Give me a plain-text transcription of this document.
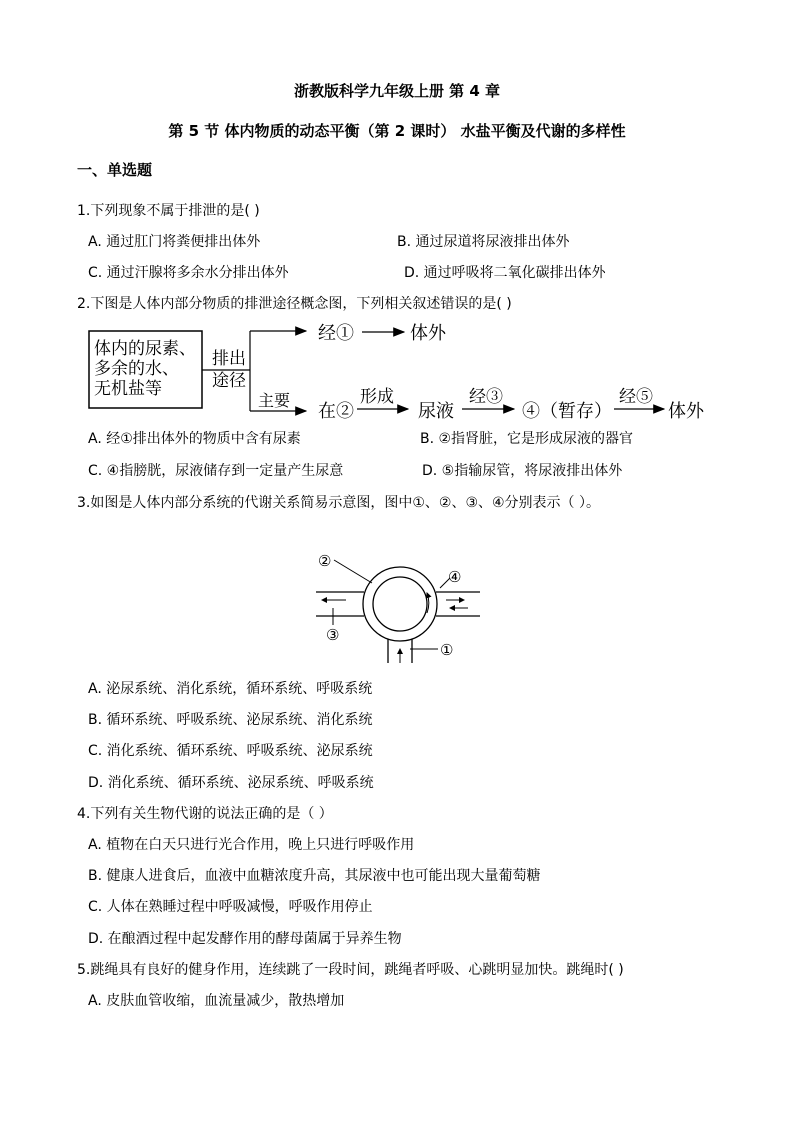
浙教版科学九年级上册 第 4 章
第 5 节 体内物质的动态平衡（第 2 课时） 水盐平衡及代谢的多样性
一、单选题
1.下列现象不属于排泄的是( )
A. 通过肛门将粪便排出体外	B. 通过尿道将尿液排出体外
C. 通过汗腺将多余水分排出体外	D. 通过呼吸将二氧化碳排出体外
2.下图是人体内部分物质的排泄途径概念图，下列相关叙述错误的是( )
体内的尿素、
多余的水、
无机盐等
排出
途径
主要
经①	体外
在②
形成
尿液
经③
④（暂存）
经⑤
体外
A. 经①排出体外的物质中含有尿素	B. ②指肾脏，它是形成尿液的器官
C. ④指膀胱，尿液储存到一定量产生尿意	D. ⑤指输尿管，将尿液排出体外
3.如图是人体内部分系统的代谢关系简易示意图，图中①、②、③、④分别表示（ ）。
②
④
③
①
A. 泌尿系统、消化系统，循环系统、呼吸系统
B. 循环系统、呼吸系统、泌尿系统、消化系统
C. 消化系统、循环系统、呼吸系统、泌尿系统
D. 消化系统、循环系统、泌尿系统、呼吸系统
4.下列有关生物代谢的说法正确的是（ ）
A. 植物在白天只进行光合作用，晚上只进行呼吸作用
B. 健康人进食后，血液中血糖浓度升高，其尿液中也可能出现大量葡萄糖
C. 人体在熟睡过程中呼吸减慢，呼吸作用停止
D. 在酿酒过程中起发酵作用的酵母菌属于异养生物
5.跳绳具有良好的健身作用，连续跳了一段时间，跳绳者呼吸、心跳明显加快。跳绳时( )
A. 皮肤血管收缩，血流量减少，散热增加
